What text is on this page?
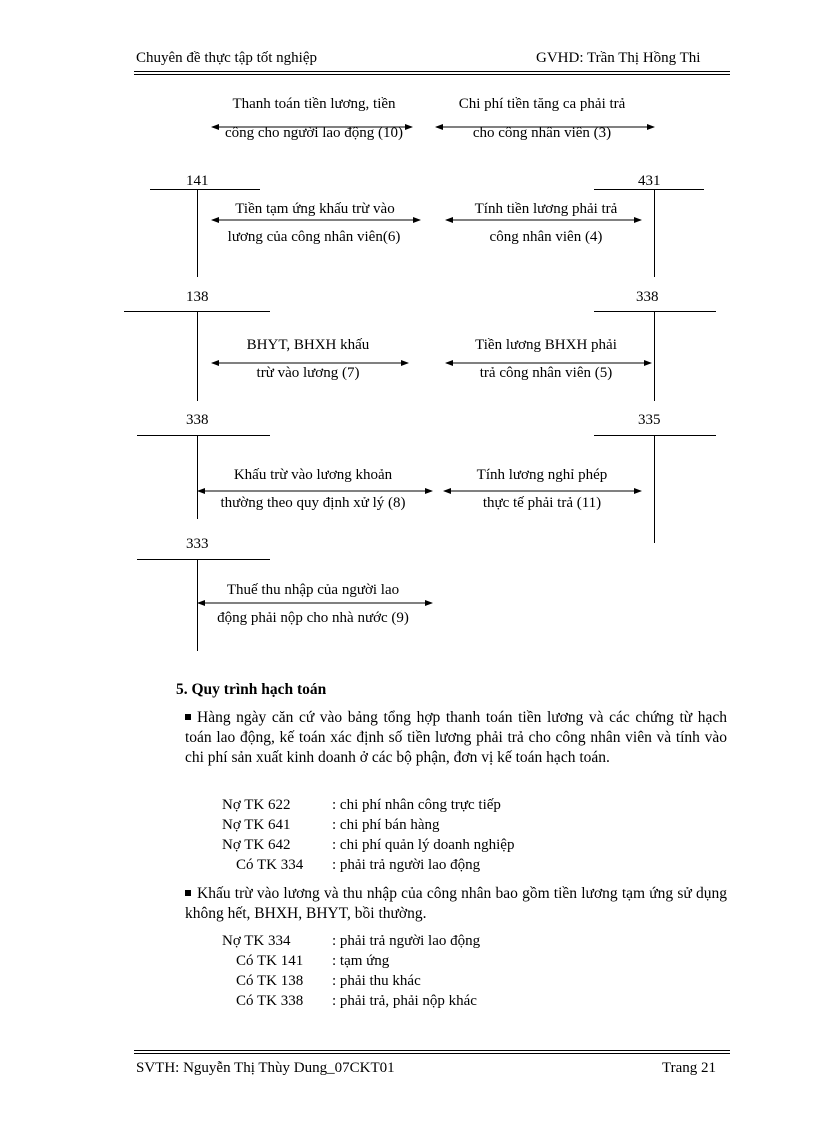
Chuyên đề thực tập tốt nghiệp	GVHD: Trần Thị Hồng Thi
141	431
138	338
338	335
333
Thanh toán tiền lương, tiền
công cho người lao động (10)
Chi phí tiền tăng ca phải trả
cho công nhân viên (3)
Tiền tạm ứng khấu trừ vào
lương của công nhân viên(6)
Tính tiền lương phải trả
công nhân viên (4)
BHYT, BHXH khấu
trừ vào lương (7)
Tiền lương BHXH phải
trả công nhân viên (5)
Khấu trừ vào lương khoản
thường theo quy định xử lý (8)
Tính lương nghỉ phép
thực tế phải trả (11)
Thuế thu nhập của người lao
động phải nộp cho nhà nước (9)
5. Quy trình hạch toán
Hàng ngày căn cứ vào bảng tổng hợp thanh toán tiền lương và các chứng từ hạch toán lao động, kế toán xác định số tiền lương phải trả cho công nhân viên và tính vào chi phí sản xuất kinh doanh ở các bộ phận, đơn vị kế toán hạch toán.
Nợ TK 622	: chi phí nhân công trực tiếp
Nợ TK 641	: chi phí bán hàng
Nợ TK 642	: chi phí quản lý doanh nghiệp
Có TK 334	: phải trả người lao động
Khấu trừ vào lương và thu nhập của công nhân bao gồm tiền lương tạm ứng sử dụng không hết, BHXH, BHYT, bồi thường.
Nợ TK 334	: phải trả người lao động
Có TK 141	: tạm ứng
Có TK 138	: phải thu khác
Có TK 338	: phải trả, phải nộp khác
SVTH: Nguyễn Thị Thùy Dung_07CKT01	Trang 21
